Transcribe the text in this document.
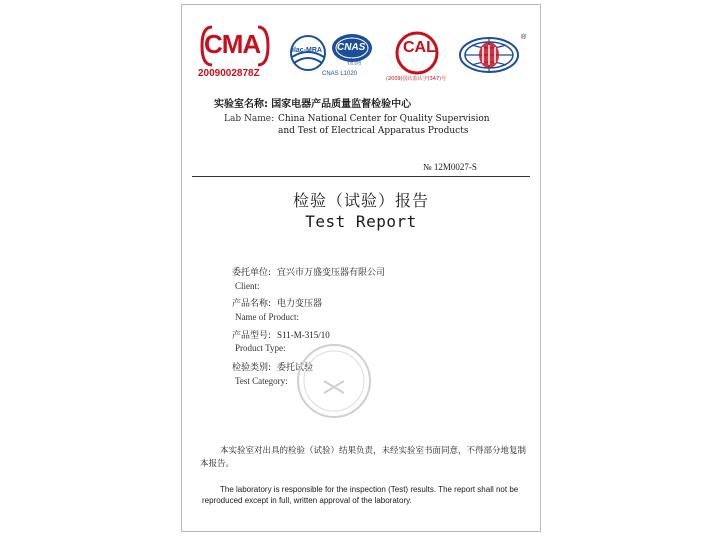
CMA
2009002878Z
ilac-MRA CNAS
检测
CNAS L1020
CAL
(2009)国认监认字(347)号
®
实验室名称: 国家电器产品质量监督检验中心
Lab Name: China National Center for Quality Supervision
and Test of Electrical Apparatus Products
№ 12M0027-S
检验（试验）报告
Test Report
委托单位: 宜兴市万盛变压器有限公司
Client:
产品名称: 电力变压器
Name of Product:
产品型号: S11-M-315/10
Product Type:
检验类别: 委托试验
Test Category:
本实验室对出具的检验（试验）结果负责，未经实验室书面同意，不得部分地复制本报告。
The laboratory is responsible for the inspection (Test) results. The report shall not be reproduced except in full, written approval of the laboratory.
